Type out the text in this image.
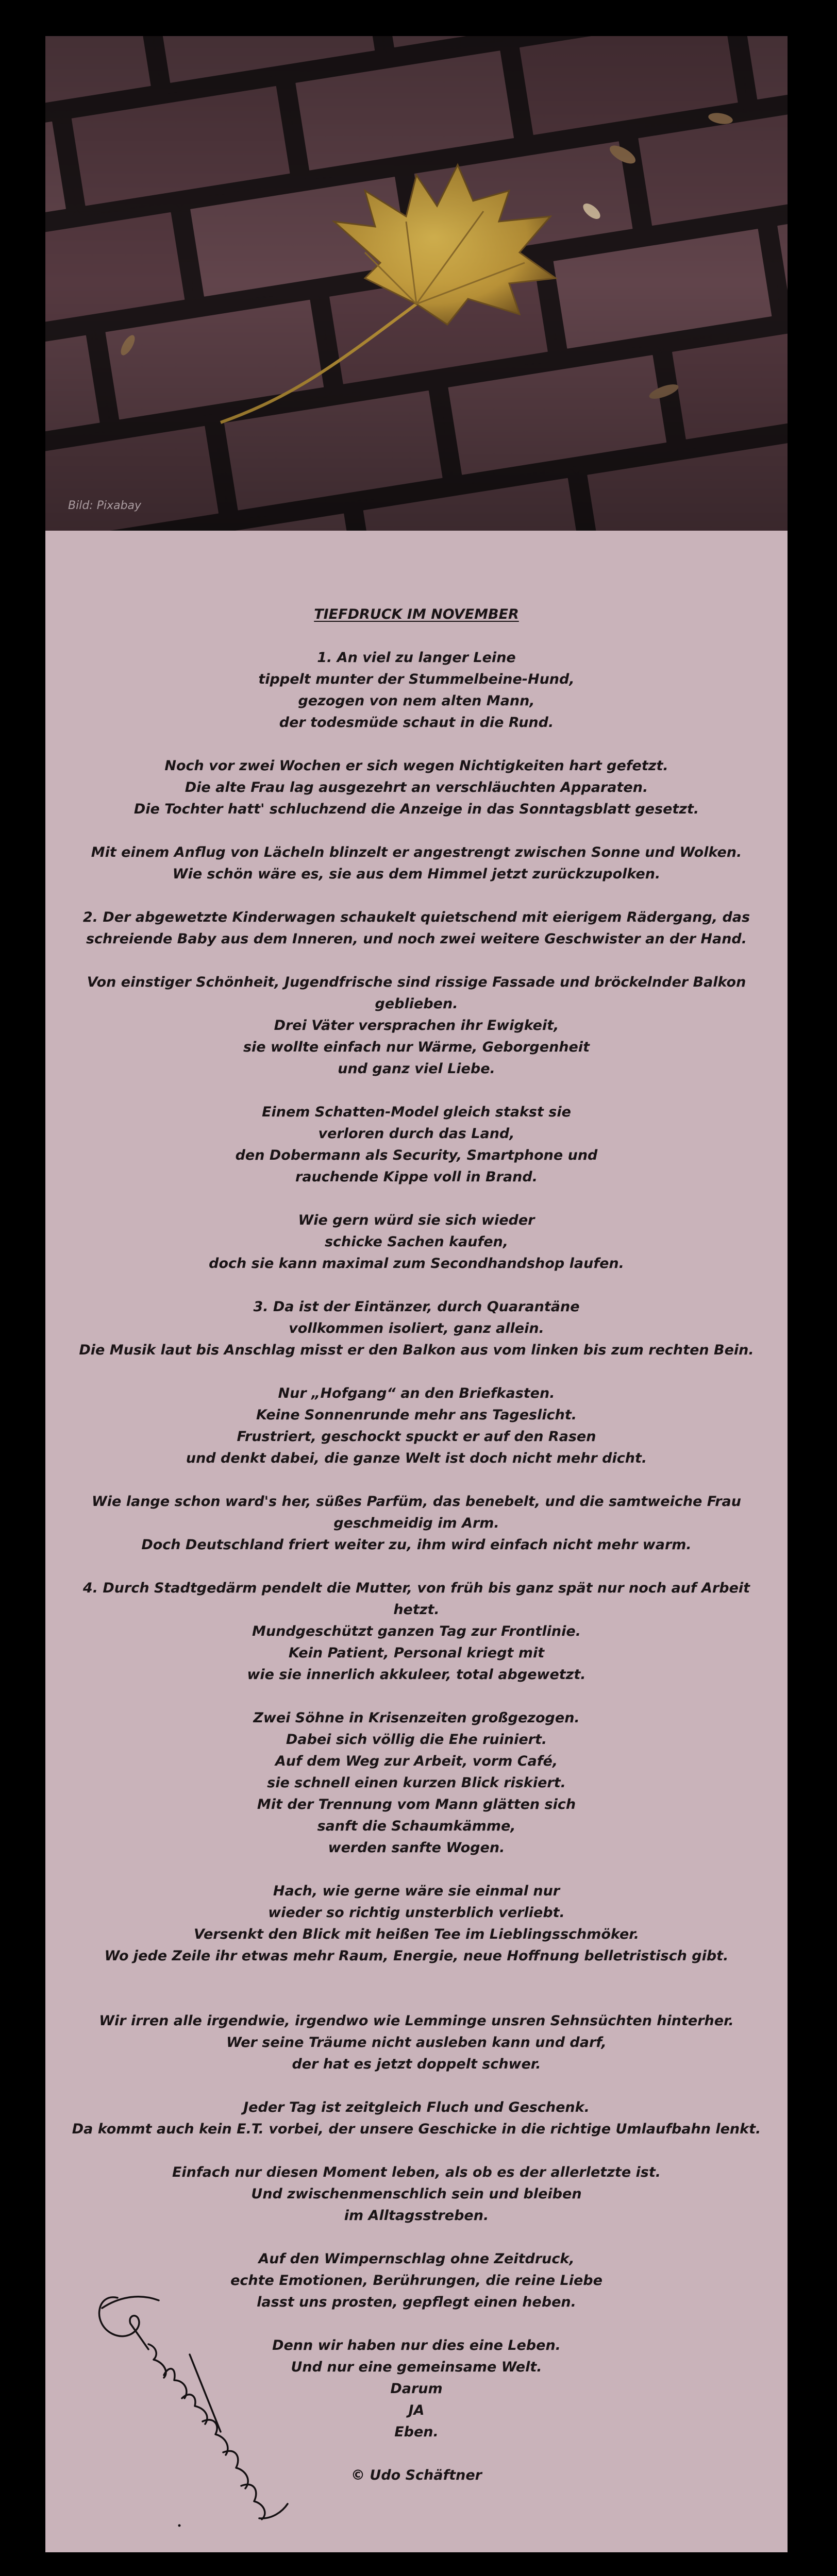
Bild: Pixabay
TIEFDRUCK IM NOVEMBER
1. An viel zu langer Leine
tippelt munter der Stummelbeine-Hund,
gezogen von nem alten Mann,
der todesmüde schaut in die Rund.
Noch vor zwei Wochen er sich wegen Nichtigkeiten hart gefetzt.
Die alte Frau lag ausgezehrt an verschläuchten Apparaten.
Die Tochter hatt' schluchzend die Anzeige in das Sonntagsblatt gesetzt.
Mit einem Anflug von Lächeln blinzelt er angestrengt zwischen Sonne und Wolken.
Wie schön wäre es, sie aus dem Himmel jetzt zurückzupolken.
2. Der abgewetzte Kinderwagen schaukelt quietschend mit eierigem Rädergang, das
schreiende Baby aus dem Inneren, und noch zwei weitere Geschwister an der Hand.
Von einstiger Schönheit, Jugendfrische sind rissige Fassade und bröckelnder Balkon
geblieben.
Drei Väter versprachen ihr Ewigkeit,
sie wollte einfach nur Wärme, Geborgenheit
und ganz viel Liebe.
Einem Schatten-Model gleich stakst sie
verloren durch das Land,
den Dobermann als Security, Smartphone und
rauchende Kippe voll in Brand.
Wie gern würd sie sich wieder
schicke Sachen kaufen,
doch sie kann maximal zum Secondhandshop laufen.
3. Da ist der Eintänzer, durch Quarantäne
vollkommen isoliert, ganz allein.
Die Musik laut bis Anschlag misst er den Balkon aus vom linken bis zum rechten Bein.
Nur „Hofgang“ an den Briefkasten.
Keine Sonnenrunde mehr ans Tageslicht.
Frustriert, geschockt spuckt er auf den Rasen
und denkt dabei, die ganze Welt ist doch nicht mehr dicht.
Wie lange schon ward's her, süßes Parfüm, das benebelt, und die samtweiche Frau
geschmeidig im Arm.
Doch Deutschland friert weiter zu, ihm wird einfach nicht mehr warm.
4. Durch Stadtgedärm pendelt die Mutter, von früh bis ganz spät nur noch auf Arbeit hetzt.
Mundgeschützt ganzen Tag zur Frontlinie.
Kein Patient, Personal kriegt mit
wie sie innerlich akkuleer, total abgewetzt.
Zwei Söhne in Krisenzeiten großgezogen.
Dabei sich völlig die Ehe ruiniert.
Auf dem Weg zur Arbeit, vorm Café,
sie schnell einen kurzen Blick riskiert.
Mit der Trennung vom Mann glätten sich
sanft die Schaumkämme,
werden sanfte Wogen.
Hach, wie gerne wäre sie einmal nur
wieder so richtig unsterblich verliebt.
Versenkt den Blick mit heißen Tee im Lieblingsschmöker.
Wo jede Zeile ihr etwas mehr Raum, Energie, neue Hoffnung belletristisch gibt.
Wir irren alle irgendwie, irgendwo wie Lemminge unsren Sehnsüchten hinterher.
Wer seine Träume nicht ausleben kann und darf,
der hat es jetzt doppelt schwer.
Jeder Tag ist zeitgleich Fluch und Geschenk.
Da kommt auch kein E.T. vorbei, der unsere Geschicke in die richtige Umlaufbahn lenkt.
Einfach nur diesen Moment leben, als ob es der allerletzte ist.
Und zwischenmenschlich sein und bleiben
im Alltagsstreben.
Auf den Wimpernschlag ohne Zeitdruck,
echte Emotionen, Berührungen, die reine Liebe
lasst uns prosten, gepflegt einen heben.
Denn wir haben nur dies eine Leben.
Und nur eine gemeinsame Welt.
Darum
JA
Eben.
© Udo Schäftner
